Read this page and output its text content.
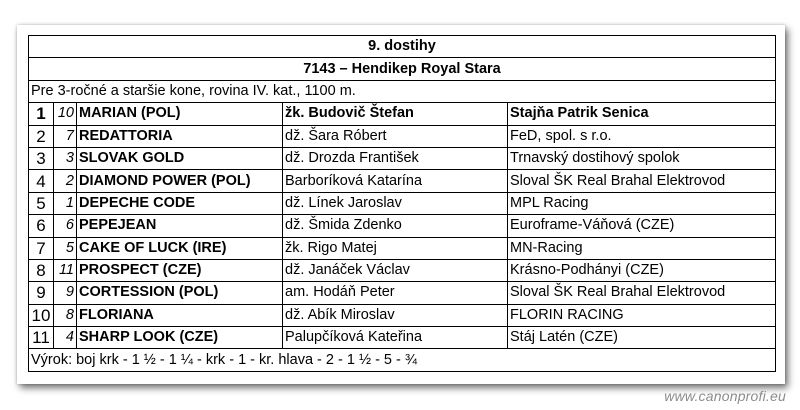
9. dostihy				
7143 – Hendikep Royal Stara				
Pre 3-ročné a staršie kone, rovina IV. kat., 1100 m.				
1	10	MARIAN (POL)	žk. Budovič Štefan	Stajňa Patrik Senica
2	7	REDATTORIA	dž. Šara Róbert	FeD, spol. s r.o.
3	3	SLOVAK GOLD	dž. Drozda František	Trnavský dostihový spolok
4	2	DIAMOND POWER (POL)	Barboríková Katarína	Sloval ŠK Real Brahal Elektrovod
5	1	DEPECHE CODE	dž. Línek Jaroslav	MPL Racing
6	6	PEPEJEAN	dž. Šmida Zdenko	Euroframe-Váňová (CZE)
7	5	CAKE OF LUCK (IRE)	žk. Rigo Matej	MN-Racing
8	11	PROSPECT (CZE)	dž. Janáček Václav	Krásno-Podhányi (CZE)
9	9	CORTESSION (POL)	am. Hodáň Peter	Sloval ŠK Real Brahal Elektrovod
10	8	FLORIANA	dž. Abík Miroslav	FLORIN RACING
11	4	SHARP LOOK (CZE)	Palupčíková Kateřina	Stáj Latén (CZE)
Výrok: boj krk - 1 ½ - 1 ¼ - krk - 1 - kr. hlava - 2 - 1 ½ - 5 - ¾				
www.canonprofi.eu
